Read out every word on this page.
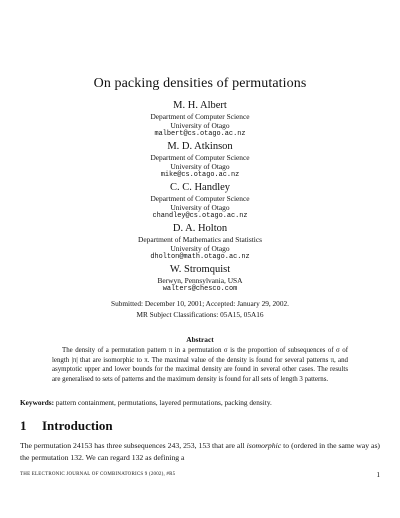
On packing densities of permutations
M. H. Albert
Department of Computer Science
University of Otago
malbert@cs.otago.ac.nz
M. D. Atkinson
Department of Computer Science
University of Otago
mike@cs.otago.ac.nz
C. C. Handley
Department of Computer Science
University of Otago
chandley@cs.otago.ac.nz
D. A. Holton
Department of Mathematics and Statistics
University of Otago
dholton@math.otago.ac.nz
W. Stromquist
Berwyn, Pennsylvania, USA
walters@chesco.com
Submitted: December 10, 2001; Accepted: January 29, 2002.
MR Subject Classifications: 05A15, 05A16
Abstract
The density of a permutation pattern π in a permutation σ is the proportion of subsequences of σ of length |π| that are isomorphic to π. The maximal value of the density is found for several patterns π, and asymptotic upper and lower bounds for the maximal density are found in several other cases. The results are generalised to sets of patterns and the maximum density is found for all sets of length 3 patterns.
Keywords: pattern containment, permutations, layered permutations, packing density.
1 Introduction
The permutation 24153 has three subsequences 243, 253, 153 that are all isomorphic to (ordered in the same way as) the permutation 132. We can regard 132 as defining a
THE ELECTRONIC JOURNAL OF COMBINATORICS 9 (2002), #R5	1
